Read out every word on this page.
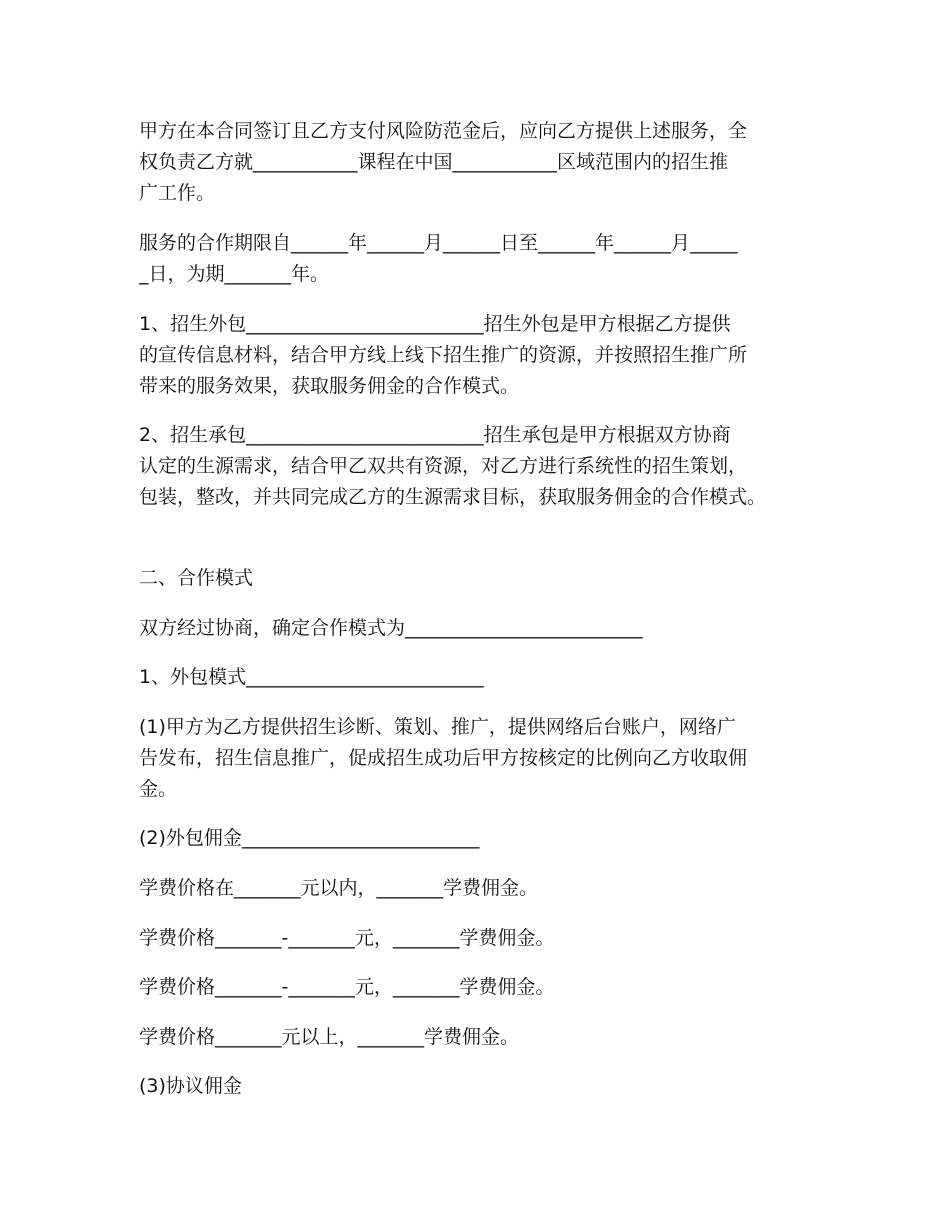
甲方在本合同签订且乙方支付风险防范金后，应向乙方提供上述服务，全
权负责乙方就___________课程在中国___________区域范围内的招生推
广工作。
服务的合作期限自______年______月______日至______年______月_____
_日，为期_______年。
1、招生外包_________________________招生外包是甲方根据乙方提供
的宣传信息材料，结合甲方线上线下招生推广的资源，并按照招生推广所
带来的服务效果，获取服务佣金的合作模式。
2、招生承包_________________________招生承包是甲方根据双方协商
认定的生源需求，结合甲乙双共有资源，对乙方进行系统性的招生策划，
包装，整改，并共同完成乙方的生源需求目标，获取服务佣金的合作模式。
二、合作模式
双方经过协商，确定合作模式为_________________________
1、外包模式_________________________
(1)甲方为乙方提供招生诊断、策划、推广，提供网络后台账户，网络广
告发布，招生信息推广，促成招生成功后甲方按核定的比例向乙方收取佣
金。
(2)外包佣金_________________________
学费价格在_______元以内，_______学费佣金。
学费价格_______-_______元，_______学费佣金。
学费价格_______-_______元，_______学费佣金。
学费价格_______元以上，_______学费佣金。
(3)协议佣金
